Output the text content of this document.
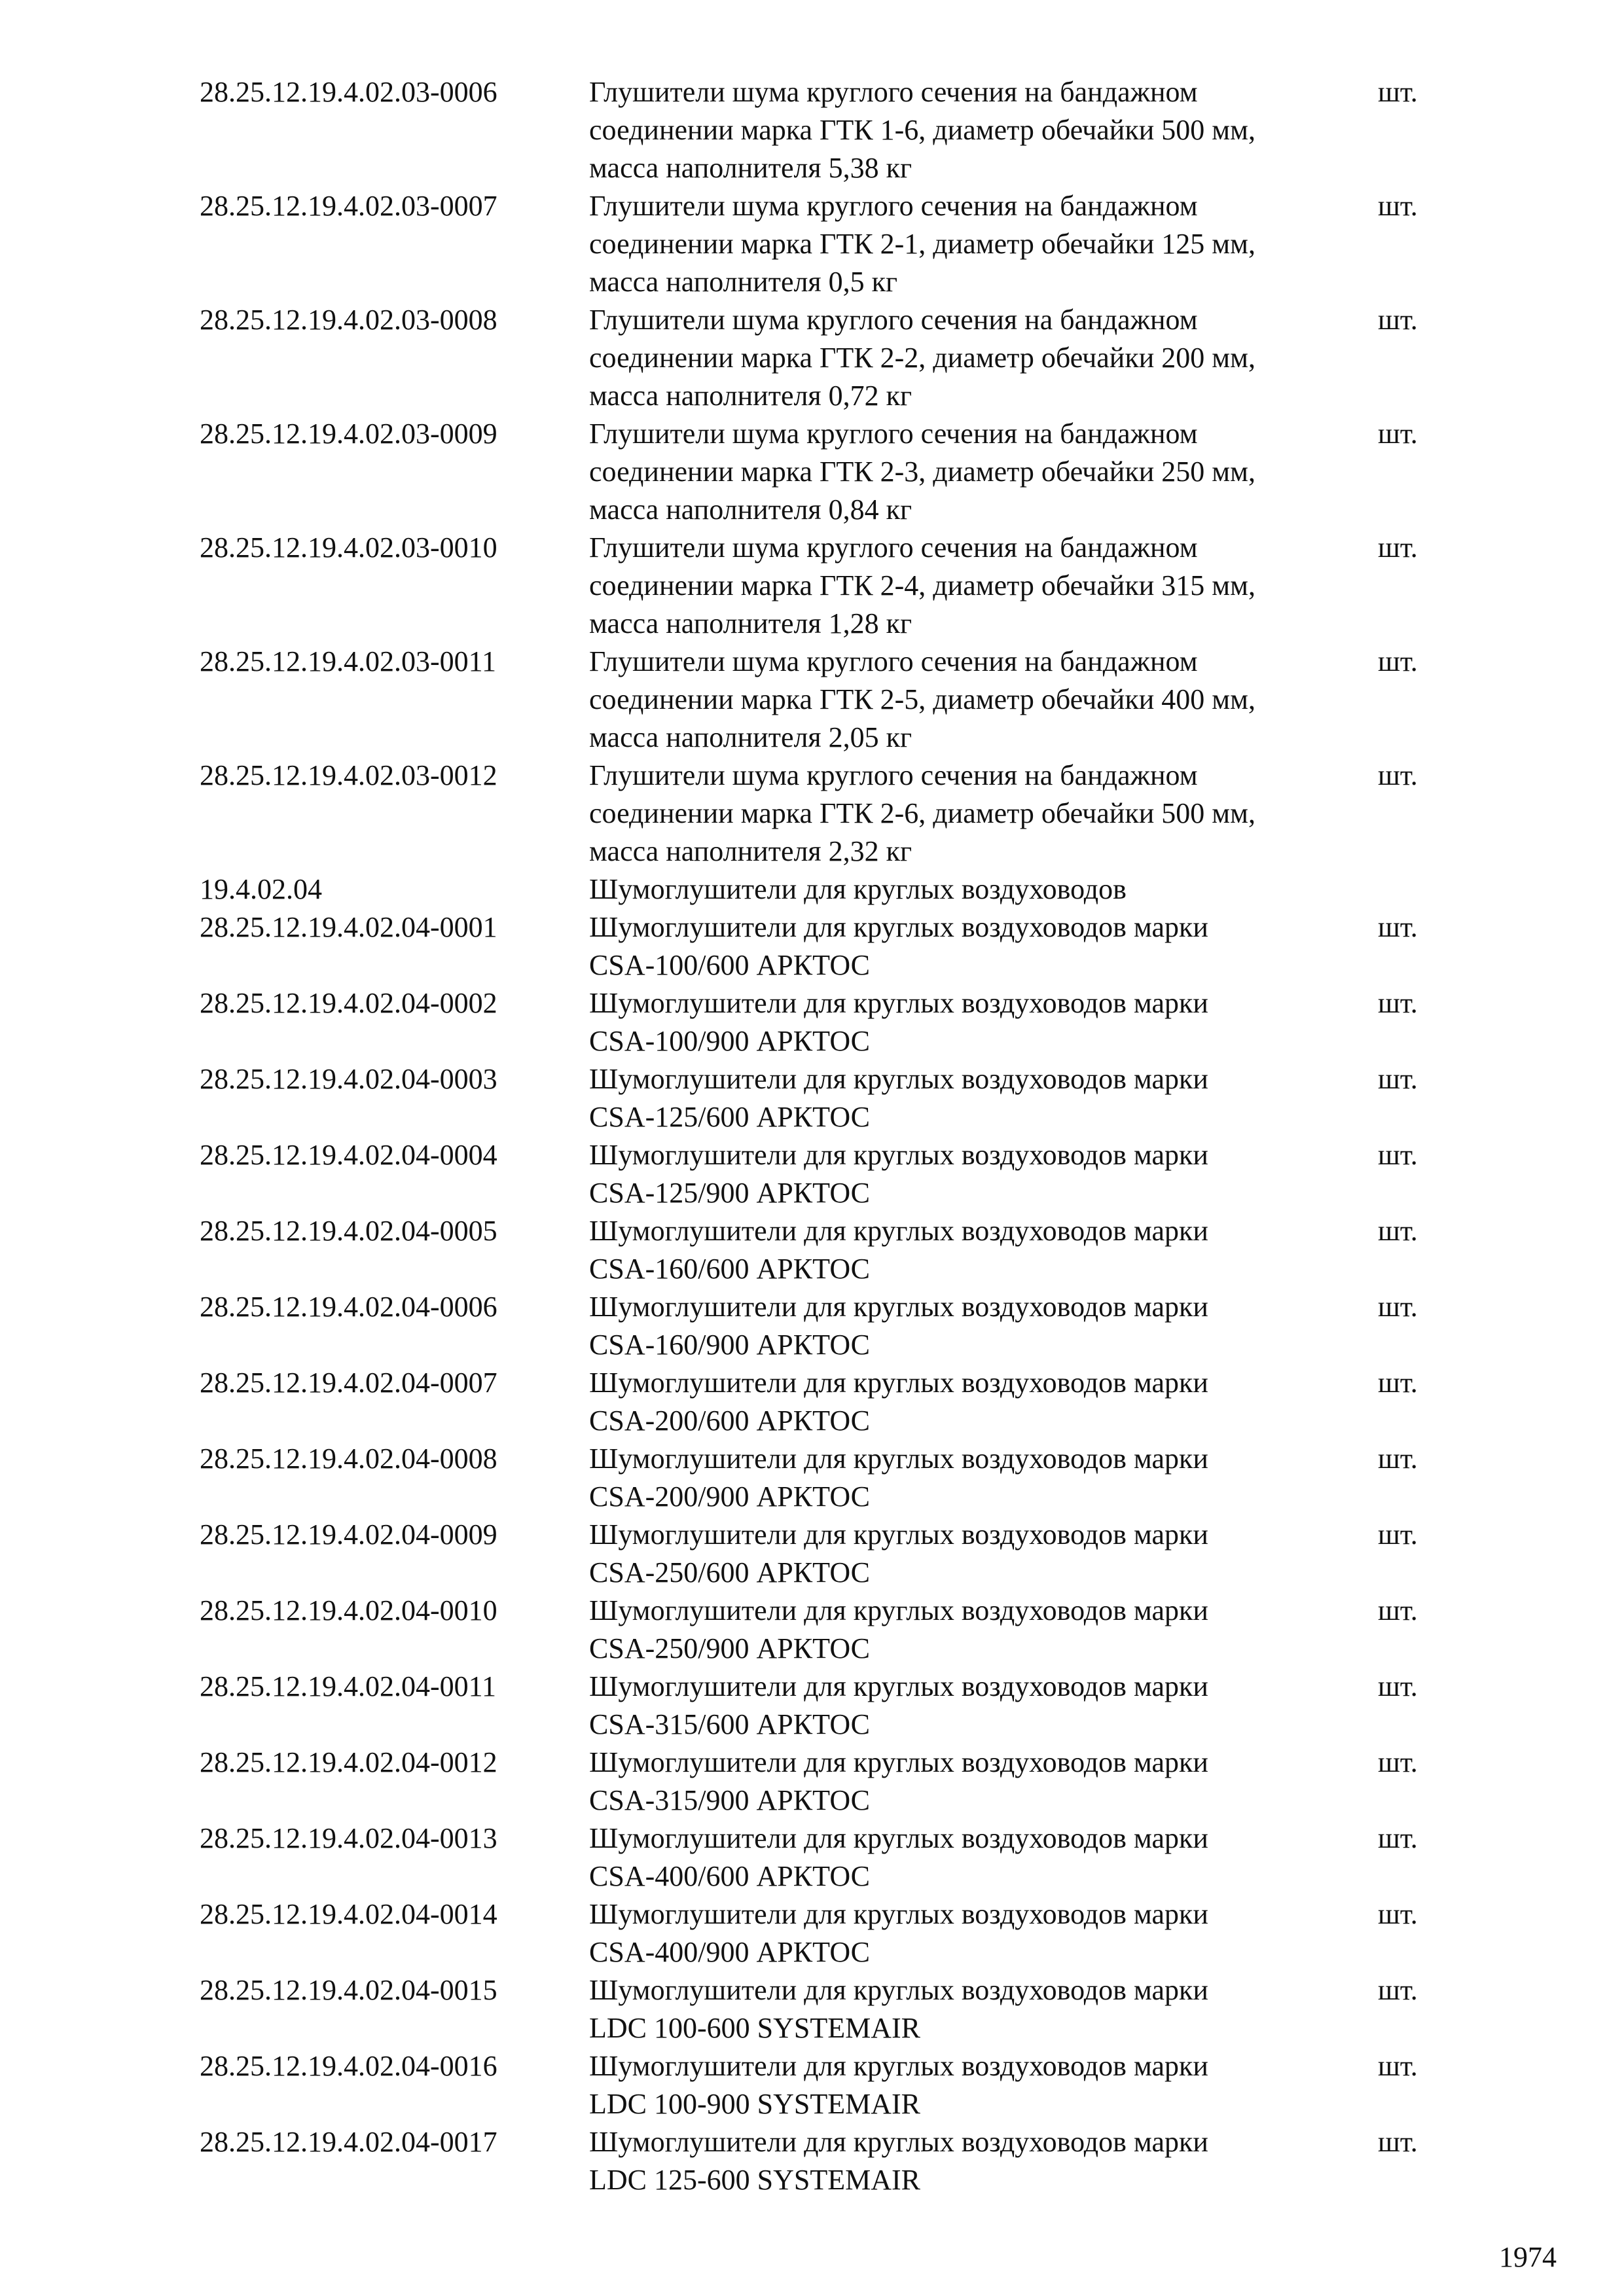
28.25.12.19.4.02.03-0006	Глушители шума круглого сечения на бандажном
соединении марка ГТК 1-6, диаметр обечайки 500 мм,
масса наполнителя 5,38 кг
шт.
28.25.12.19.4.02.03-0007	Глушители шума круглого сечения на бандажном
соединении марка ГТК 2-1, диаметр обечайки 125 мм,
масса наполнителя 0,5 кг
шт.
28.25.12.19.4.02.03-0008	Глушители шума круглого сечения на бандажном
соединении марка ГТК 2-2, диаметр обечайки 200 мм,
масса наполнителя 0,72 кг
шт.
28.25.12.19.4.02.03-0009	Глушители шума круглого сечения на бандажном
соединении марка ГТК 2-3, диаметр обечайки 250 мм,
масса наполнителя 0,84 кг
шт.
28.25.12.19.4.02.03-0010	Глушители шума круглого сечения на бандажном
соединении марка ГТК 2-4, диаметр обечайки 315 мм,
масса наполнителя 1,28 кг
шт.
28.25.12.19.4.02.03-0011	Глушители шума круглого сечения на бандажном
соединении марка ГТК 2-5, диаметр обечайки 400 мм,
масса наполнителя 2,05 кг
шт.
28.25.12.19.4.02.03-0012	Глушители шума круглого сечения на бандажном
соединении марка ГТК 2-6, диаметр обечайки 500 мм,
масса наполнителя 2,32 кг
шт.
19.4.02.04	Шумоглушители для круглых воздуховодов
28.25.12.19.4.02.04-0001	Шумоглушители для круглых воздуховодов марки
CSA-100/600 АРКТОС
шт.
28.25.12.19.4.02.04-0002	Шумоглушители для круглых воздуховодов марки
CSA-100/900 АРКТОС
шт.
28.25.12.19.4.02.04-0003	Шумоглушители для круглых воздуховодов марки
CSA-125/600 АРКТОС
шт.
28.25.12.19.4.02.04-0004	Шумоглушители для круглых воздуховодов марки
CSA-125/900 АРКТОС
шт.
28.25.12.19.4.02.04-0005	Шумоглушители для круглых воздуховодов марки
CSA-160/600 АРКТОС
шт.
28.25.12.19.4.02.04-0006	Шумоглушители для круглых воздуховодов марки
CSA-160/900 АРКТОС
шт.
28.25.12.19.4.02.04-0007	Шумоглушители для круглых воздуховодов марки
CSA-200/600 АРКТОС
шт.
28.25.12.19.4.02.04-0008	Шумоглушители для круглых воздуховодов марки
CSA-200/900 АРКТОС
шт.
28.25.12.19.4.02.04-0009	Шумоглушители для круглых воздуховодов марки
CSA-250/600 АРКТОС
шт.
28.25.12.19.4.02.04-0010	Шумоглушители для круглых воздуховодов марки
CSA-250/900 АРКТОС
шт.
28.25.12.19.4.02.04-0011	Шумоглушители для круглых воздуховодов марки
CSA-315/600 АРКТОС
шт.
28.25.12.19.4.02.04-0012	Шумоглушители для круглых воздуховодов марки
CSA-315/900 АРКТОС
шт.
28.25.12.19.4.02.04-0013	Шумоглушители для круглых воздуховодов марки
CSA-400/600 АРКТОС
шт.
28.25.12.19.4.02.04-0014	Шумоглушители для круглых воздуховодов марки
CSA-400/900 АРКТОС
шт.
28.25.12.19.4.02.04-0015	Шумоглушители для круглых воздуховодов марки
LDC 100-600 SYSTEMAIR
шт.
28.25.12.19.4.02.04-0016	Шумоглушители для круглых воздуховодов марки
LDC 100-900 SYSTEMAIR
шт.
28.25.12.19.4.02.04-0017	Шумоглушители для круглых воздуховодов марки
LDC 125-600 SYSTEMAIR
шт.
1974
